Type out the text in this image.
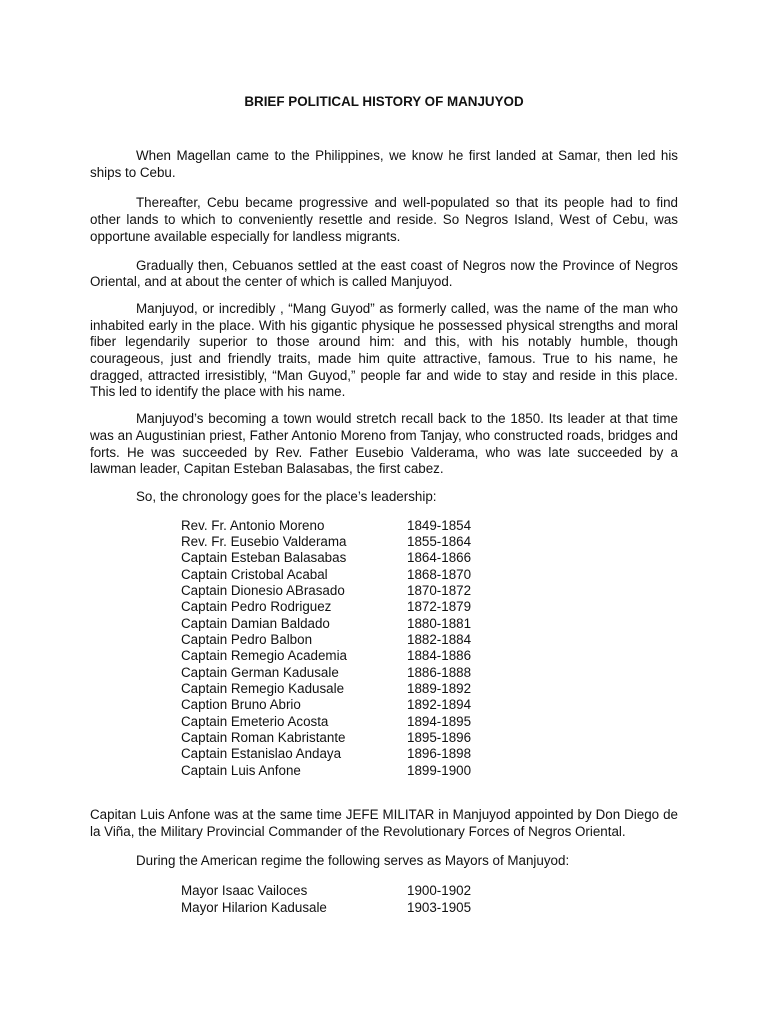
BRIEF POLITICAL HISTORY OF MANJUYOD

When Magellan came to the Philippines, we know he first landed at Samar, then led his ships to Cebu.

Thereafter, Cebu became progressive and well-populated so that its people had to find other lands to which to conveniently resettle and reside. So Negros Island, West of Cebu, was opportune available especially for landless migrants.

Gradually then, Cebuanos settled at the east coast of Negros now the Province of Negros Oriental, and at about the center of which is called Manjuyod.

Manjuyod, or incredibly , “Mang Guyod” as formerly called, was the name of the man who inhabited early in the place. With his gigantic physique he possessed physical strengths and moral fiber legendarily superior to those around him: and this, with his notably humble, though courageous, just and friendly traits, made him quite attractive, famous. True to his name, he dragged, attracted irresistibly, “Man Guyod,” people far and wide to stay and reside in this place. This led to identify the place with his name.

Manjuyod’s becoming a town would stretch recall back to the 1850. Its leader at that time was an Augustinian priest, Father Antonio Moreno from Tanjay, who constructed roads, bridges and forts. He was succeeded by Rev. Father Eusebio Valderama, who was late succeeded by a lawman leader, Capitan Esteban Balasabas, the first cabez.

So, the chronology goes for the place’s leadership:

Rev. Fr. Antonio Moreno	1849-1854
Rev. Fr. Eusebio Valderama	1855-1864
Captain Esteban Balasabas	1864-1866
Captain Cristobal Acabal	1868-1870
Captain Dionesio ABrasado	1870-1872
Captain Pedro Rodriguez	1872-1879
Captain Damian Baldado	1880-1881
Captain Pedro Balbon	1882-1884
Captain Remegio Academia	1884-1886
Captain German Kadusale	1886-1888
Captain Remegio Kadusale	1889-1892
Caption Bruno Abrio	1892-1894
Captain Emeterio Acosta	1894-1895
Captain Roman Kabristante	1895-1896
Captain Estanislao Andaya	1896-1898
Captain Luis Anfone	1899-1900

Capitan Luis Anfone was at the same time JEFE MILITAR in Manjuyod appointed by Don Diego de la Viña, the Military Provincial Commander of the Revolutionary Forces of Negros Oriental.

During the American regime the following serves as Mayors of Manjuyod:

Mayor Isaac Vailoces	1900-1902
Mayor Hilarion Kadusale	1903-1905
